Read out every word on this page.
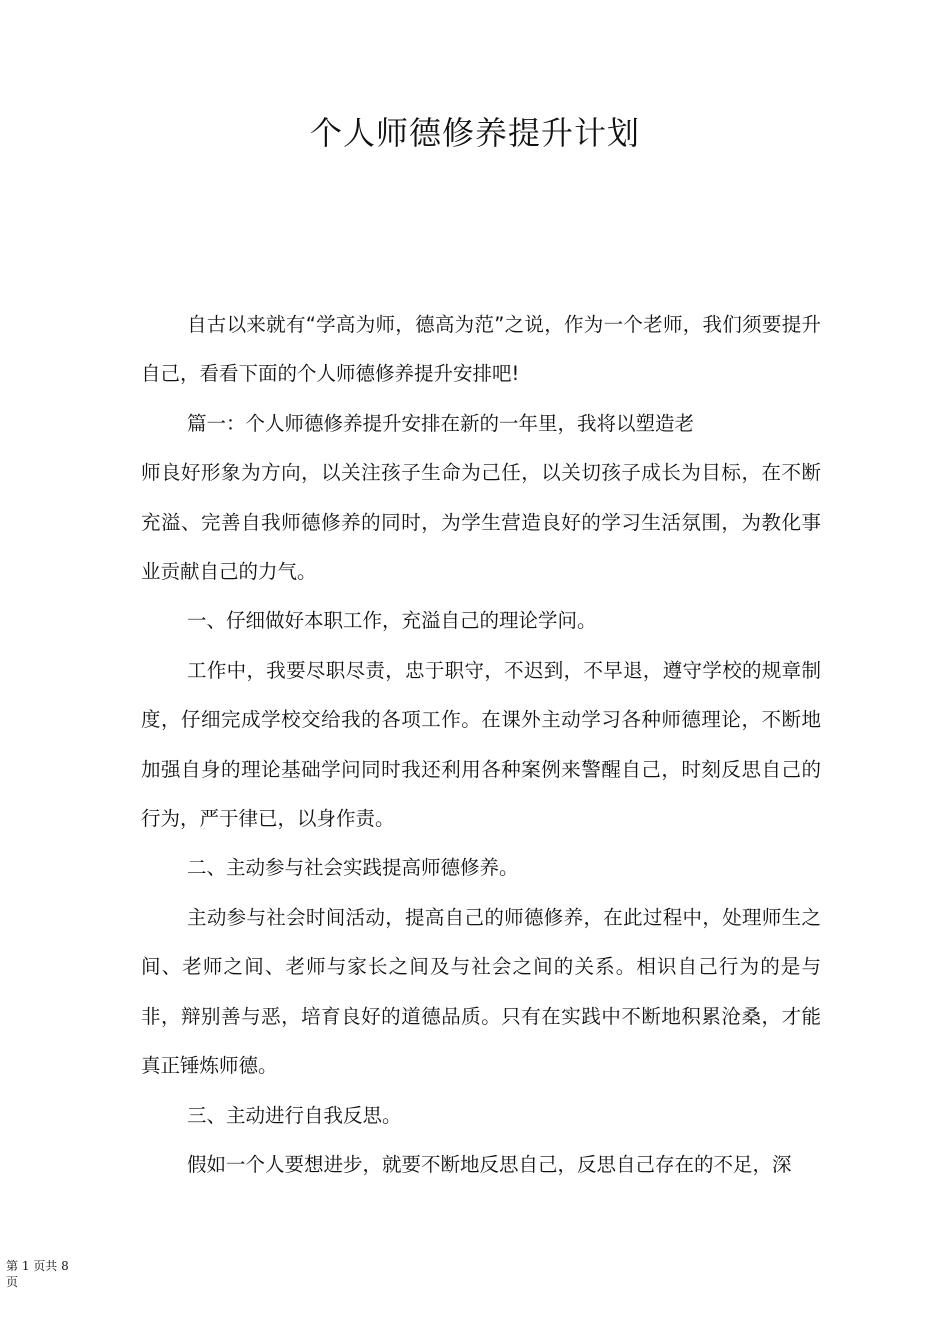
个人师德修养提升计划

自古以来就有“学高为师，德高为范”之说，作为一个老师，我们须要提升自己，看看下面的个人师德修养提升安排吧!

篇一：个人师德修养提升安排在新的一年里，我将以塑造老

师良好形象为方向，以关注孩子生命为己任，以关切孩子成长为目标，在不断充溢、完善自我师德修养的同时，为学生营造良好的学习生活氛围，为教化事业贡献自己的力气。

一、仔细做好本职工作，充溢自己的理论学问。

工作中，我要尽职尽责，忠于职守，不迟到，不早退，遵守学校的规章制度，仔细完成学校交给我的各项工作。在课外主动学习各种师德理论，不断地加强自身的理论基础学问同时我还利用各种案例来警醒自己，时刻反思自己的行为，严于律已，以身作责。

二、主动参与社会实践提高师德修养。

主动参与社会时间活动，提高自己的师德修养，在此过程中，处理师生之间、老师之间、老师与家长之间及与社会之间的关系。相识自己行为的是与非，辩别善与恶，培育良好的道德品质。只有在实践中不断地积累沧桑，才能真正锤炼师德。

三、主动进行自我反思。

假如一个人要想进步，就要不断地反思自己，反思自己存在的不足，深

第 1 页共 8 页
